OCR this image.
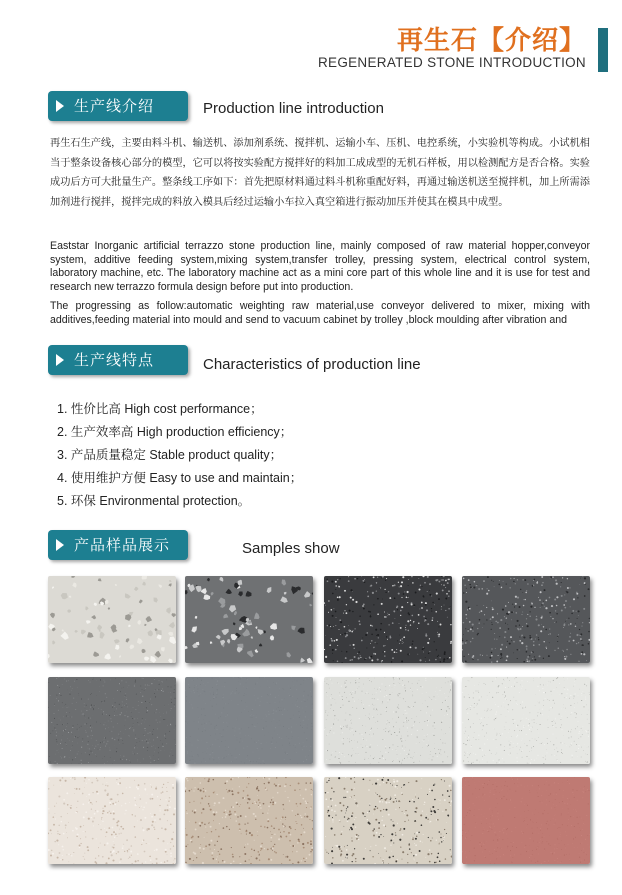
再生石【介绍】
REGENERATED STONE INTRODUCTION
生产线介绍	Production line introduction
再生石生产线，主要由料斗机、输送机、添加剂系统、搅拌机、运输小车、压机、电控系统，小实验机等构成。小试机相当于整条设备核心部分的模型，它可以将按实验配方搅拌好的料加工成成型的无机石样板，用以检测配方是否合格。实验成功后方可大批量生产。整条线工序如下：首先把原材料通过料斗机称重配好料，再通过输送机送至搅拌机，加上所需添加剂进行搅拌，搅拌完成的料放入模具后经过运输小车拉入真空箱进行振动加压并使其在模具中成型。
Eaststar Inorganic artificial terrazzo stone production line, mainly composed of raw material hopper,conveyor system, additive feeding system,mixing system,transfer trolley, pressing system, electrical control system, laboratory machine, etc. The laboratory machine act as a mini core part of this whole line and it is use for test and research new terrazzo formula design before put into production.
The progressing as follow:automatic weighting raw material,use conveyor delivered to mixer, mixing with additives,feeding material into mould and send to vacuum cabinet by trolley ,block moulding after vibration and
生产线特点	Characteristics of production line
1. 性价比高 High cost performance；
2. 生产效率高 High production efficiency；
3. 产品质量稳定 Stable product quality；
4. 使用维护方便 Easy to use and maintain；
5. 环保 Environmental protection。
产品样品展示	Samples show
